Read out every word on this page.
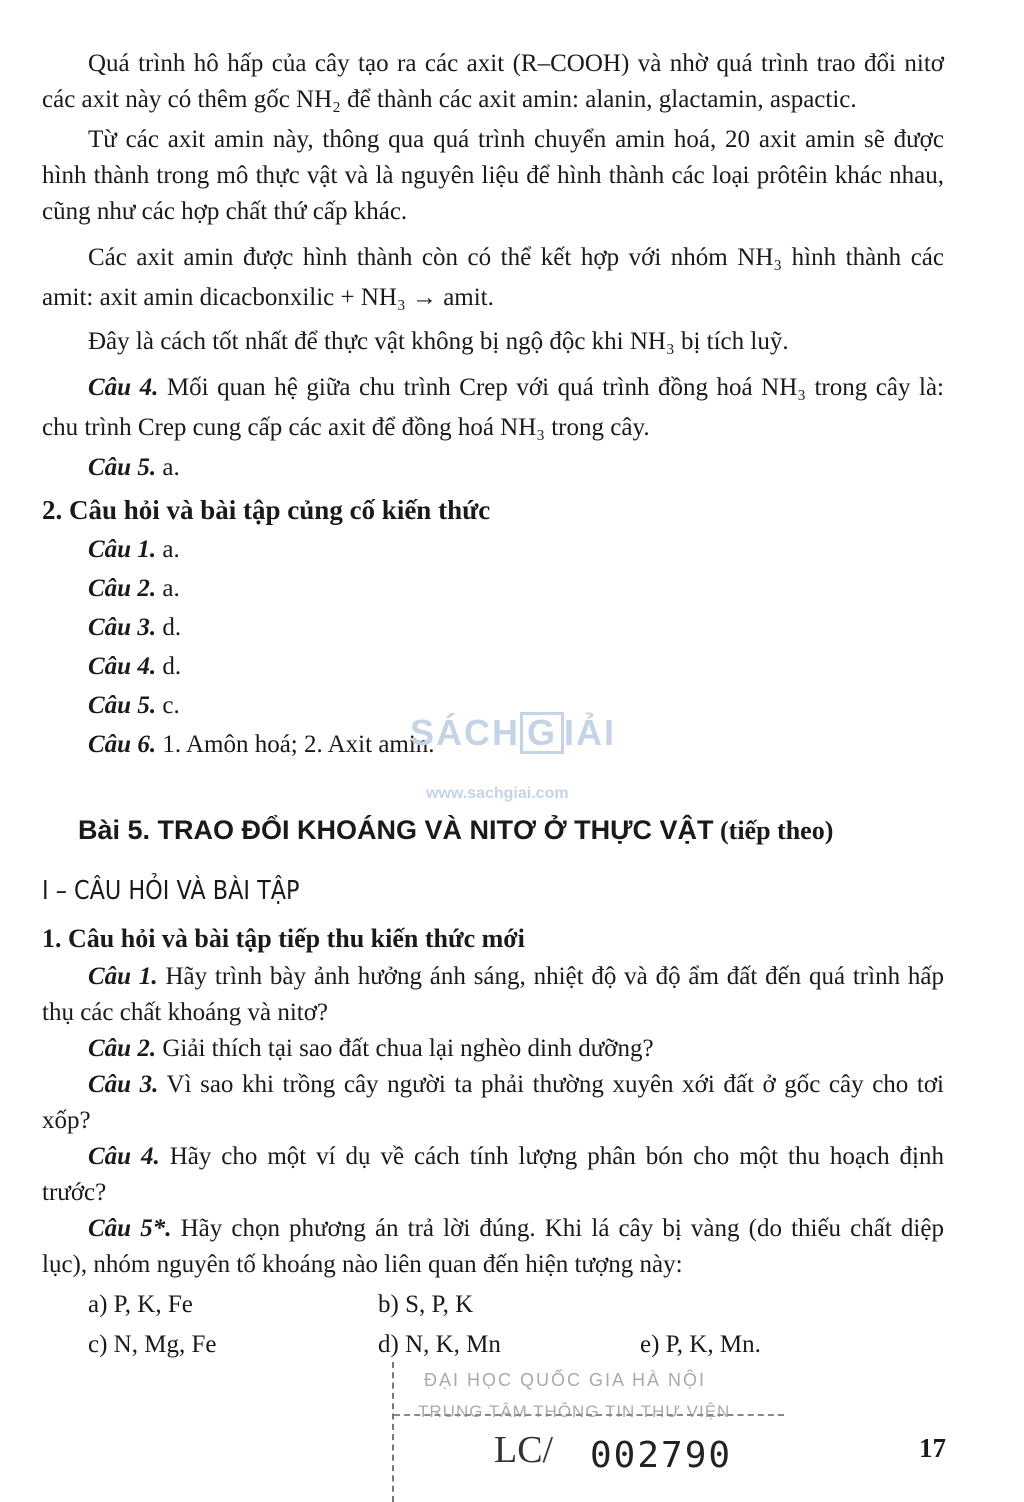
Quá trình hô hấp của cây tạo ra các axit (R–COOH) và nhờ quá trình trao đổi nitơ các axit này có thêm gốc NH₂ để thành các axit amin: alanin, glactamin, aspactic.

Từ các axit amin này, thông qua quá trình chuyển amin hoá, 20 axit amin sẽ được hình thành trong mô thực vật và là nguyên liệu để hình thành các loại prôtêin khác nhau, cũng như các hợp chất thứ cấp khác.

Các axit amin được hình thành còn có thể kết hợp với nhóm NH₃ hình thành các amit: axit amin dicacbonxilic + NH₃ → amit.

Đây là cách tốt nhất để thực vật không bị ngộ độc khi NH₃ bị tích luỹ.

Câu 4. Mối quan hệ giữa chu trình Crep với quá trình đồng hoá NH₃ trong cây là: chu trình Crep cung cấp các axit để đồng hoá NH₃ trong cây.

Câu 5. a.

2. Câu hỏi và bài tập củng cố kiến thức
Câu 1. a.
Câu 2. a.
Câu 3. d.
Câu 4. d.
Câu 5. c.
Câu 6. 1. Amôn hoá; 2. Axit amin.
Bài 5. TRAO ĐỔI KHOÁNG VÀ NITƠ Ở THỰC VẬT (tiếp theo)
I – CÂU HỎI VÀ BÀI TẬP
1. Câu hỏi và bài tập tiếp thu kiến thức mới

Câu 1. Hãy trình bày ảnh hưởng ánh sáng, nhiệt độ và độ ẩm đất đến quá trình hấp thụ các chất khoáng và nitơ?

Câu 2. Giải thích tại sao đất chua lại nghèo dinh dưỡng?

Câu 3. Vì sao khi trồng cây người ta phải thường xuyên xới đất ở gốc cây cho tơi xốp?

Câu 4. Hãy cho một ví dụ về cách tính lượng phân bón cho một thu hoạch định trước?

Câu 5*. Hãy chọn phương án trả lời đúng. Khi lá cây bị vàng (do thiếu chất diệp lục), nhóm nguyên tố khoáng nào liên quan đến hiện tượng này:

a) P, K, Fe	b) S, P, K
c) N, Mg, Fe	d) N, K, Mn	e) P, K, Mn.
SÁCH G IẢI
www.sachgiai.com
ĐẠI HỌC QUỐC GIA HÀ NỘI
TRUNG TÂM THÔNG TIN THƯ VIỆN
LC/ 002790	17
